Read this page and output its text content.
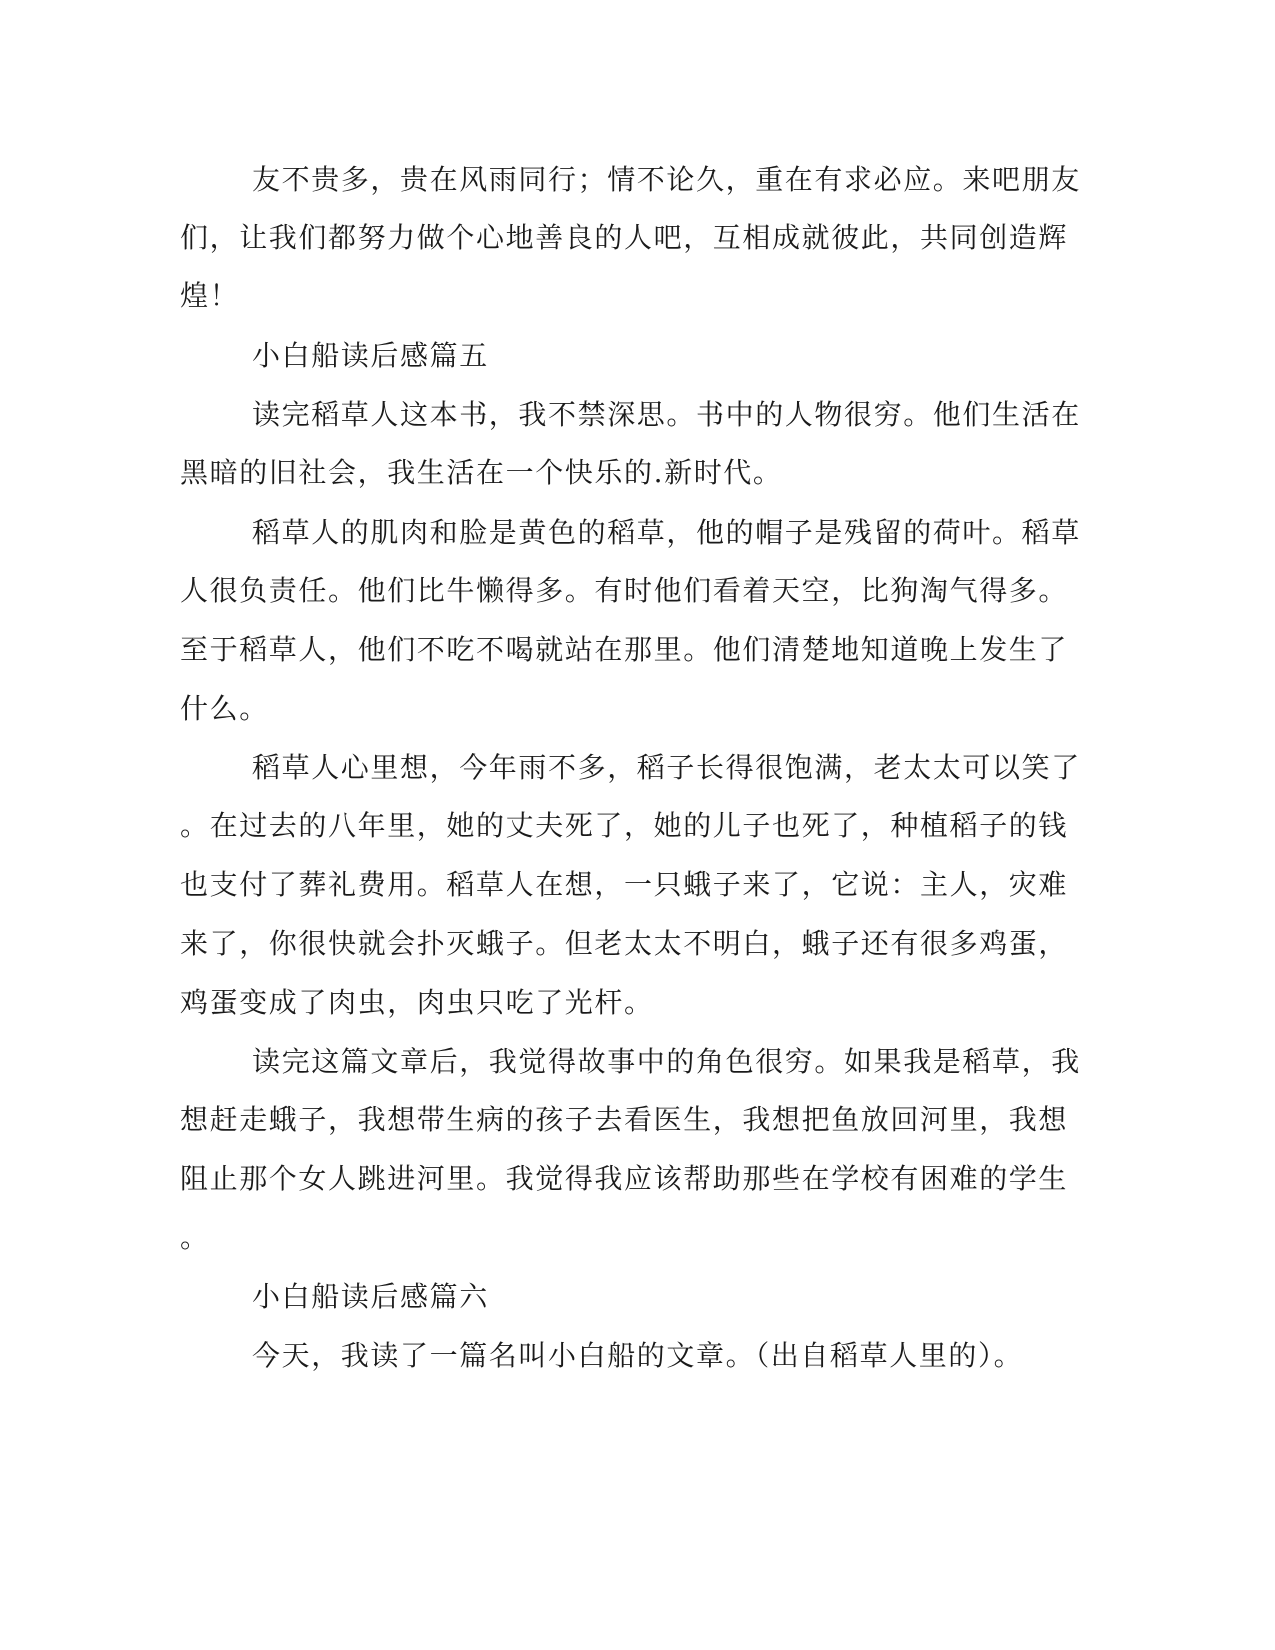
友不贵多，贵在风雨同行；情不论久，重在有求必应。来吧朋友
们，让我们都努力做个心地善良的人吧，互相成就彼此，共同创造辉
煌！
小白船读后感篇五
读完稻草人这本书，我不禁深思。书中的人物很穷。他们生活在
黑暗的旧社会，我生活在一个快乐的.新时代。
稻草人的肌肉和脸是黄色的稻草，他的帽子是残留的荷叶。稻草
人很负责任。他们比牛懒得多。有时他们看着天空，比狗淘气得多。
至于稻草人，他们不吃不喝就站在那里。他们清楚地知道晚上发生了
什么。
稻草人心里想，今年雨不多，稻子长得很饱满，老太太可以笑了
。在过去的八年里，她的丈夫死了，她的儿子也死了，种植稻子的钱
也支付了葬礼费用。稻草人在想，一只蛾子来了，它说：主人，灾难
来了，你很快就会扑灭蛾子。但老太太不明白，蛾子还有很多鸡蛋，
鸡蛋变成了肉虫，肉虫只吃了光杆。
读完这篇文章后，我觉得故事中的角色很穷。如果我是稻草，我
想赶走蛾子，我想带生病的孩子去看医生，我想把鱼放回河里，我想
阻止那个女人跳进河里。我觉得我应该帮助那些在学校有困难的学生
。
小白船读后感篇六
今天，我读了一篇名叫小白船的文章。（出自稻草人里的）。
